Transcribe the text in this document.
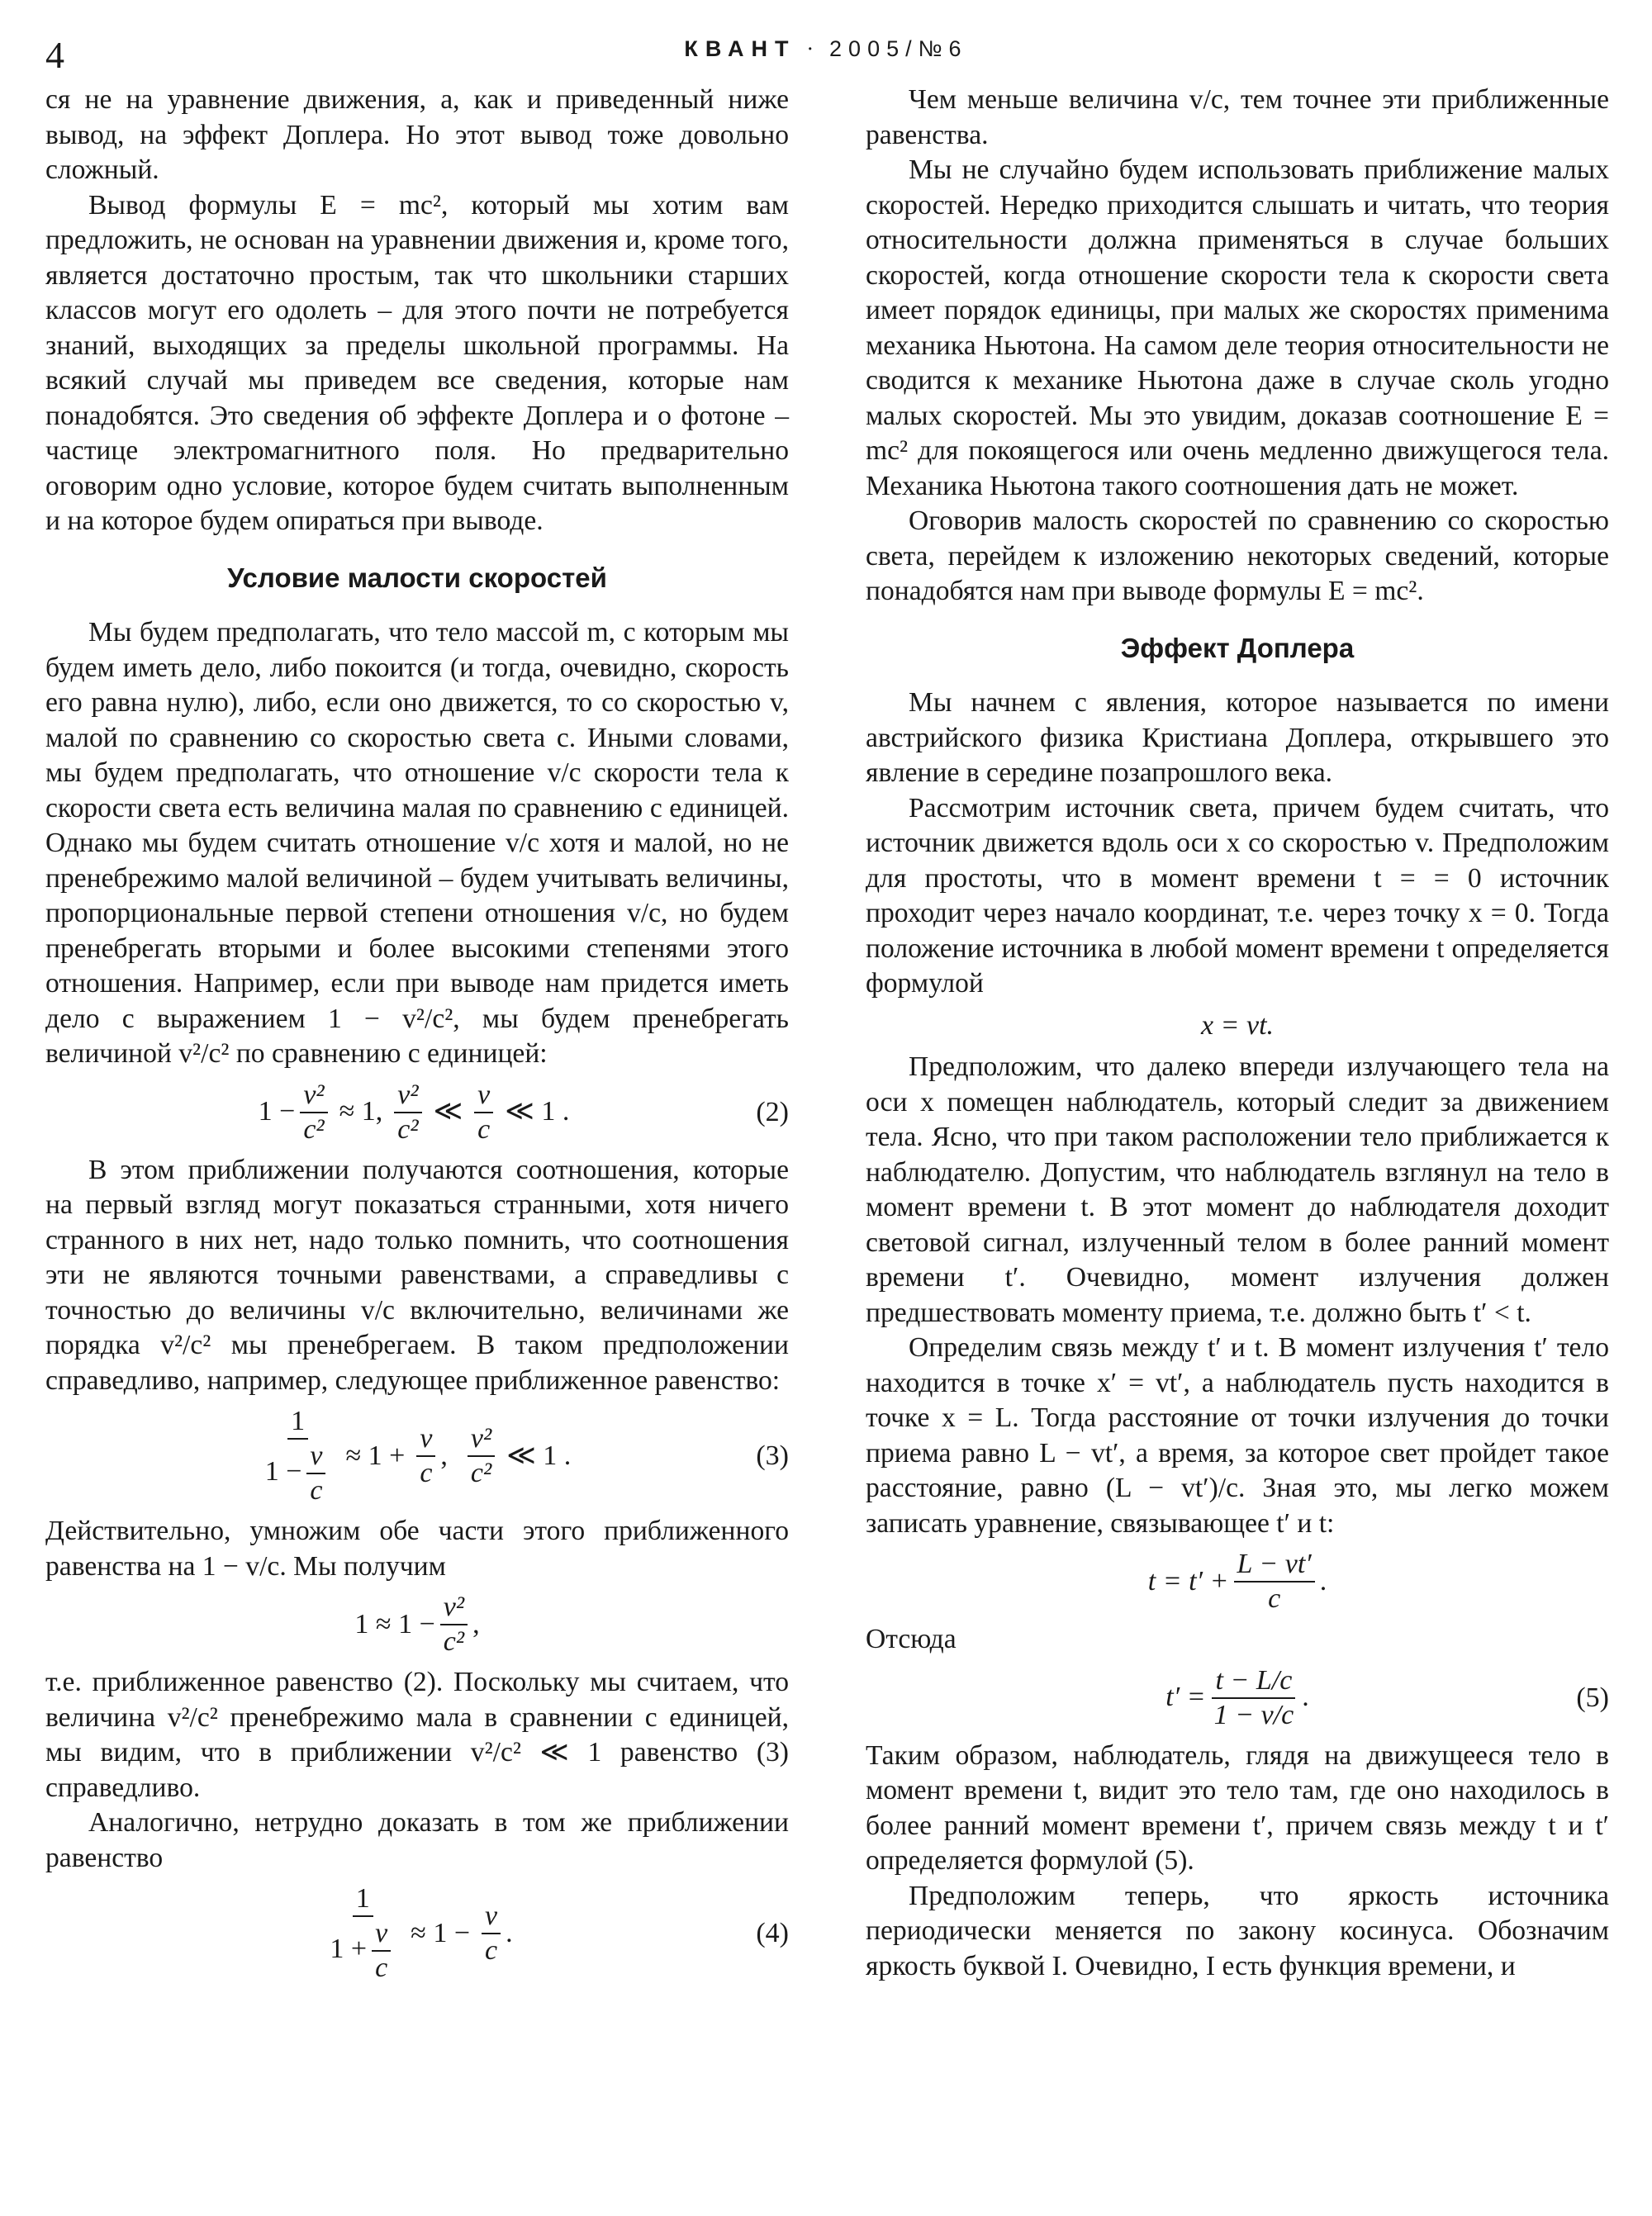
4	КВАНТ · 2005/№6

ся не на уравнение движения, а, как и приведенный ниже вывод, на эффект Доплера. Но этот вывод тоже довольно сложный.

Вывод формулы E = mc², который мы хотим вам предложить, не основан на уравнении движения и, кроме того, является достаточно простым, так что школьники старших классов могут его одолеть – для этого почти не потребуется знаний, выходящих за пределы школьной программы. На всякий случай мы приведем все сведения, которые нам понадобятся. Это сведения об эффекте Доплера и о фотоне – частице электромагнитного поля. Но предварительно оговорим одно условие, которое будем считать выполненным и на которое будем опираться при выводе.

Условие малости скоростей

Мы будем предполагать, что тело массой m, с которым мы будем иметь дело, либо покоится (и тогда, очевидно, скорость его равна нулю), либо, если оно движется, то со скоростью v, малой по сравнению со скоростью света c. Иными словами, мы будем предполагать, что отношение v/c скорости тела к скорости света есть величина малая по сравнению с единицей. Однако мы будем считать отношение v/c хотя и малой, но не пренебрежимо малой величиной – будем учитывать величины, пропорциональные первой степени отношения v/c, но будем пренебрегать вторыми и более высокими степенями этого отношения. Например, если при выводе нам придется иметь дело с выражением 1 − v²/c², мы будем пренебрегать величиной v²/c² по сравнению с единицей:

$1 - \frac{\text{v²}}{\text{c²}} \approx 1$, $\frac{\text{v²}}{\text{c²}}$ ≪ $\frac{v}{c}$ ≪ 1 .	(2)

В этом приближении получаются соотношения, которые на первый взгляд могут показаться странными, хотя ничего странного в них нет, надо только помнить, что соотношения эти не являются точными равенствами, а справедливы с точностью до величины v/c включительно, величинами же порядка v²/c² мы пренебрегаем. В таком предположении справедливо, например, следующее приближенное равенство:

$\frac{1}{1 - \frac{v}{c}} \approx 1 + \frac{v}{c}$ , $\frac{\text{v²}}{\text{c²}}$ ≪ 1 .	(3)

Действительно, умножим обе части этого приближенного равенства на 1 − v/c. Мы получим

$1 \approx 1 - \frac{\text{v²}}{\text{c²}}$ ,

т.е. приближенное равенство (2). Поскольку мы считаем, что величина v²/c² пренебрежимо мала в сравнении с единицей, мы видим, что в приближении v²/c² ≪ 1 равенство (3) справедливо.

Аналогично, нетрудно доказать в том же приближении равенство

$\frac{1}{1 + \frac{v}{c}} \approx 1 - \frac{v}{c}$ .	(4)

Чем меньше величина v/c, тем точнее эти приближенные равенства.

Мы не случайно будем использовать приближение малых скоростей. Нередко приходится слышать и читать, что теория относительности должна применяться в случае больших скоростей, когда отношение скорости тела к скорости света имеет порядок единицы, при малых же скоростях применима механика Ньютона. На самом деле теория относительности не сводится к механике Ньютона даже в случае сколь угодно малых скоростей. Мы это увидим, доказав соотношение E = mc² для покоящегося или очень медленно движущегося тела. Механика Ньютона такого соотношения дать не может.

Оговорив малость скоростей по сравнению со скоростью света, перейдем к изложению некоторых сведений, которые понадобятся нам при выводе формулы E = mc².

Эффект Доплера

Мы начнем с явления, которое называется по имени австрийского физика Кристиана Доплера, открывшего это явление в середине позапрошлого века.

Рассмотрим источник света, причем будем считать, что источник движется вдоль оси x со скоростью v. Предположим для простоты, что в момент времени t = = 0 источник проходит через начало координат, т.е. через точку x = 0. Тогда положение источника в любой момент времени t определяется формулой

x = vt.

Предположим, что далеко впереди излучающего тела на оси x помещен наблюдатель, который следит за движением тела. Ясно, что при таком расположении тело приближается к наблюдателю. Допустим, что наблюдатель взглянул на тело в момент времени t. В этот момент до наблюдателя доходит световой сигнал, излученный телом в более ранний момент времени t′. Очевидно, момент излучения должен предшествовать моменту приема, т.е. должно быть t′ < t.

Определим связь между t′ и t. В момент излучения t′ тело находится в точке x′ = vt′, а наблюдатель пусть находится в точке x = L. Тогда расстояние от точки излучения до точки приема равно L − vt′, а время, за которое свет пройдет такое расстояние, равно (L − vt′)/c. Зная это, мы легко можем записать уравнение, связывающее t′ и t:

$t = t' + \frac{L - vt'}{c}$ .

Отсюда

$t' = \frac{t - L/c}{1 - v/c}$ .	(5)

Таким образом, наблюдатель, глядя на движущееся тело в момент времени t, видит это тело там, где оно находилось в более ранний момент времени t′, причем связь между t и t′ определяется формулой (5).

Предположим теперь, что яркость источника периодически меняется по закону косинуса. Обозначим яркость буквой I. Очевидно, I есть функция времени, и
